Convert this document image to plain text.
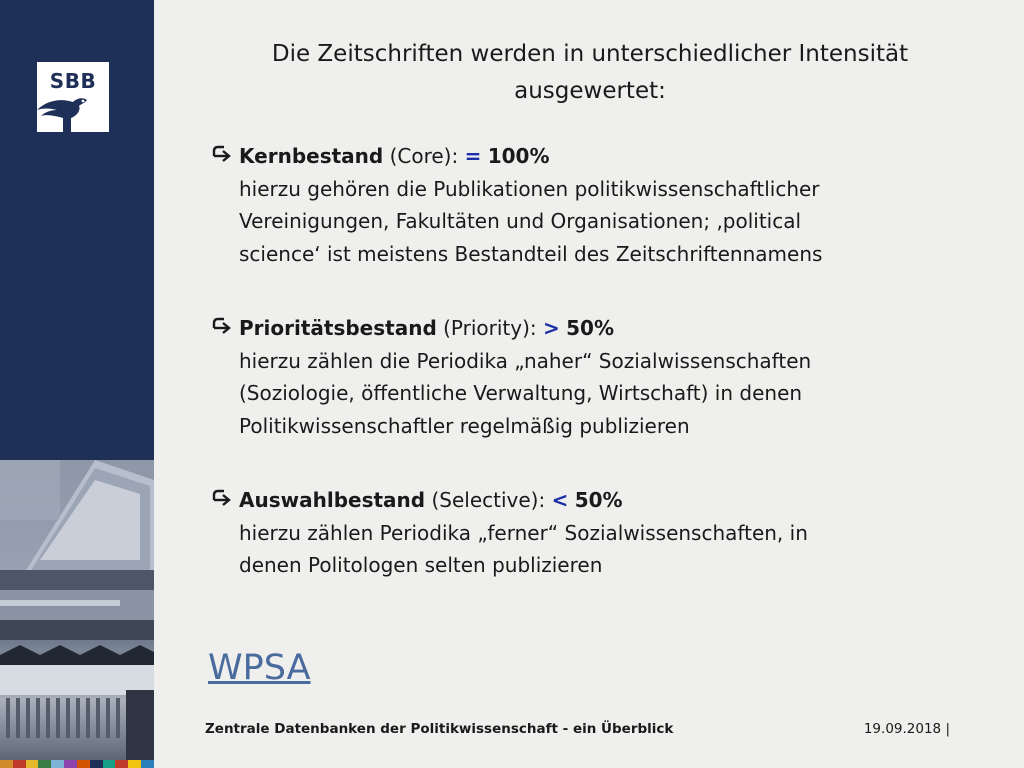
SBB
Die Zeitschriften werden in unterschiedlicher Intensität
ausgewertet:
Kernbestand (Core): = 100%
hierzu gehören die Publikationen politikwissenschaftlicher
Vereinigungen, Fakultäten und Organisationen; ‚political
science‘ ist meistens Bestandteil des Zeitschriftennamens
Prioritätsbestand (Priority): > 50%
hierzu zählen die Periodika „naher“ Sozialwissenschaften
(Soziologie, öffentliche Verwaltung, Wirtschaft) in denen
Politikwissenschaftler regelmäßig publizieren
Auswahlbestand (Selective): < 50%
hierzu zählen Periodika „ferner“ Sozialwissenschaften, in
denen Politologen selten publizieren
WPSA
Zentrale Datenbanken der Politikwissenschaft - ein Überblick	19.09.2018 |
